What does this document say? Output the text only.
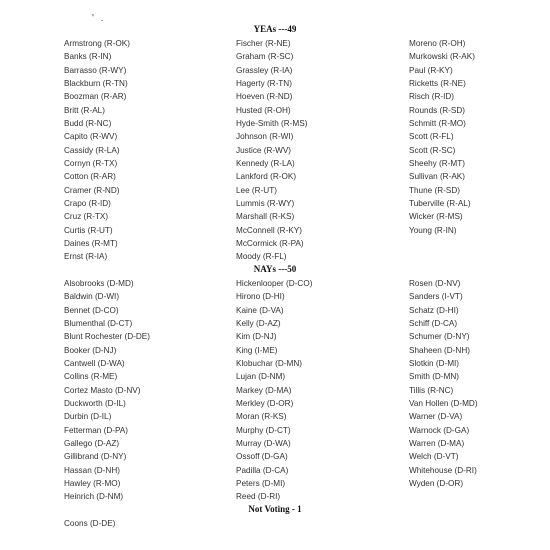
' .
YEAs ---49
Armstrong (R-OK)
Banks (R-IN)
Barrasso (R-WY)
Blackburn (R-TN)
Boozman (R-AR)
Britt (R-AL)
Budd (R-NC)
Capito (R-WV)
Cassidy (R-LA)
Cornyn (R-TX)
Cotton (R-AR)
Cramer (R-ND)
Crapo (R-ID)
Cruz (R-TX)
Curtis (R-UT)
Daines (R-MT)
Ernst (R-IA)
Fischer (R-NE)
Graham (R-SC)
Grassley (R-IA)
Hagerty (R-TN)
Hoeven (R-ND)
Husted (R-OH)
Hyde-Smith (R-MS)
Johnson (R-WI)
Justice (R-WV)
Kennedy (R-LA)
Lankford (R-OK)
Lee (R-UT)
Lummis (R-WY)
Marshall (R-KS)
McConnell (R-KY)
McCormick (R-PA)
Moody (R-FL)
Moreno (R-OH)
Murkowski (R-AK)
Paul (R-KY)
Ricketts (R-NE)
Risch (R-ID)
Rounds (R-SD)
Schmitt (R-MO)
Scott (R-FL)
Scott (R-SC)
Sheehy (R-MT)
Sullivan (R-AK)
Thune (R-SD)
Tuberville (R-AL)
Wicker (R-MS)
Young (R-IN)
NAYs ---50
Alsobrooks (D-MD)
Baldwin (D-WI)
Bennet (D-CO)
Blumenthal (D-CT)
Blunt Rochester (D-DE)
Booker (D-NJ)
Cantwell (D-WA)
Collins (R-ME)
Cortez Masto (D-NV)
Duckworth (D-IL)
Durbin (D-IL)
Fetterman (D-PA)
Gallego (D-AZ)
Gillibrand (D-NY)
Hassan (D-NH)
Hawley (R-MO)
Heinrich (D-NM)
Hickenlooper (D-CO)
Hirono (D-HI)
Kaine (D-VA)
Kelly (D-AZ)
Kim (D-NJ)
King (I-ME)
Klobuchar (D-MN)
Lujan (D-NM)
Markey (D-MA)
Merkley (D-OR)
Moran (R-KS)
Murphy (D-CT)
Murray (D-WA)
Ossoff (D-GA)
Padilla (D-CA)
Peters (D-MI)
Reed (D-RI)
Rosen (D-NV)
Sanders (I-VT)
Schatz (D-HI)
Schiff (D-CA)
Schumer (D-NY)
Shaheen (D-NH)
Slotkin (D-MI)
Smith (D-MN)
Tillis (R-NC)
Van Hollen (D-MD)
Warner (D-VA)
Warnock (D-GA)
Warren (D-MA)
Welch (D-VT)
Whitehouse (D-RI)
Wyden (D-OR)
Not Voting - 1
Coons (D-DE)
